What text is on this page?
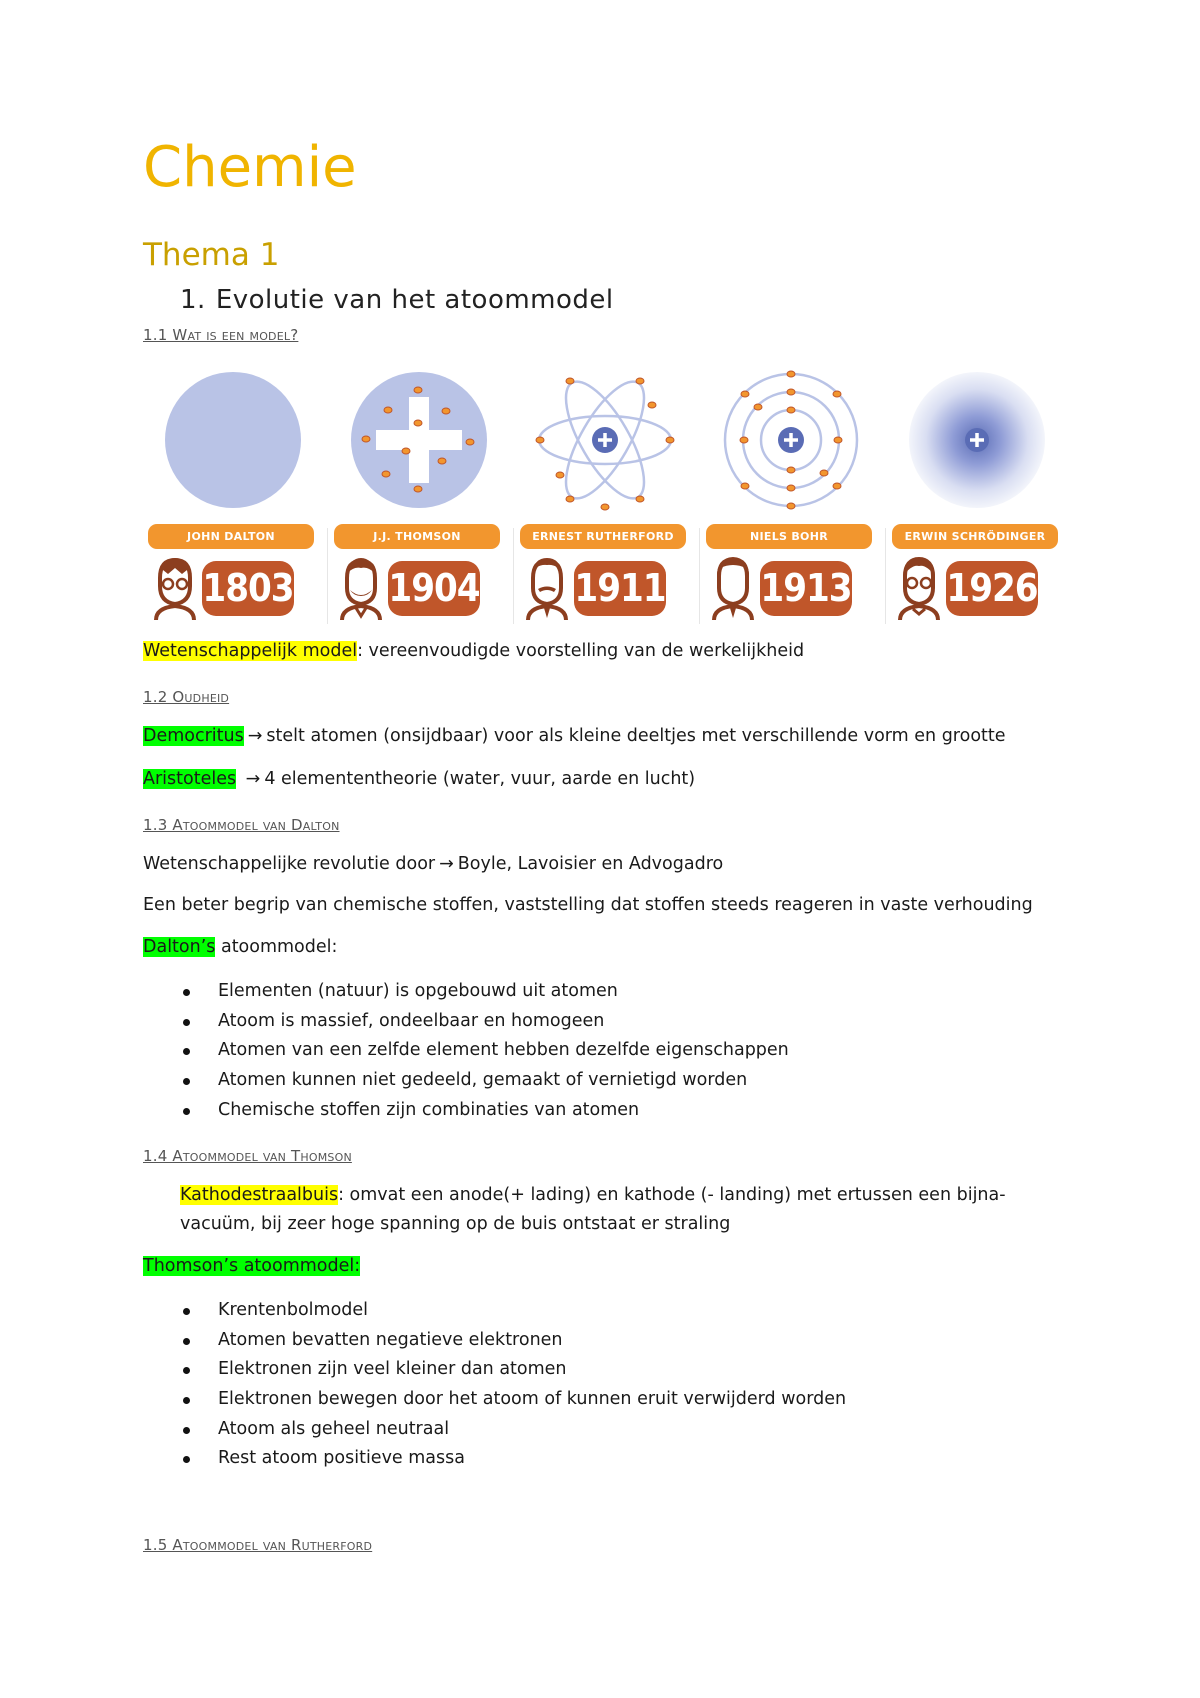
Chemie
Thema 1
1. Evolutie van het atoommodel
1.1 Wat is een model?
JOHN DALTON
1803
J.J. THOMSON
1904
ERNEST RUTHERFORD
1911
NIELS BOHR
1913
ERWIN SCHRÖDINGER
1926
Wetenschappelijk model: vereenvoudigde voorstelling van de werkelijkheid
1.2 Oudheid
Democritus → stelt atomen (onsijdbaar) voor als kleine deeltjes met verschillende vorm en grootte
Aristoteles → 4 elemententheorie (water, vuur, aarde en lucht)
1.3 Atoommodel van Dalton
Wetenschappelijke revolutie door → Boyle, Lavoisier en Advogadro
Een beter begrip van chemische stoffen, vaststelling dat stoffen steeds reageren in vaste verhouding
Dalton’s atoommodel:
Elementen (natuur) is opgebouwd uit atomen
Atoom is massief, ondeelbaar en homogeen
Atomen van een zelfde element hebben dezelfde eigenschappen
Atomen kunnen niet gedeeld, gemaakt of vernietigd worden
Chemische stoffen zijn combinaties van atomen
1.4 Atoommodel van Thomson
Kathodestraalbuis: omvat een anode(+ lading) en kathode (- landing) met ertussen een bijna-vacuüm, bij zeer hoge spanning op de buis ontstaat er straling
Thomson’s atoommodel:
Krentenbolmodel
Atomen bevatten negatieve elektronen
Elektronen zijn veel kleiner dan atomen
Elektronen bewegen door het atoom of kunnen eruit verwijderd worden
Atoom als geheel neutraal
Rest atoom positieve massa
1.5 Atoommodel van Rutherford
